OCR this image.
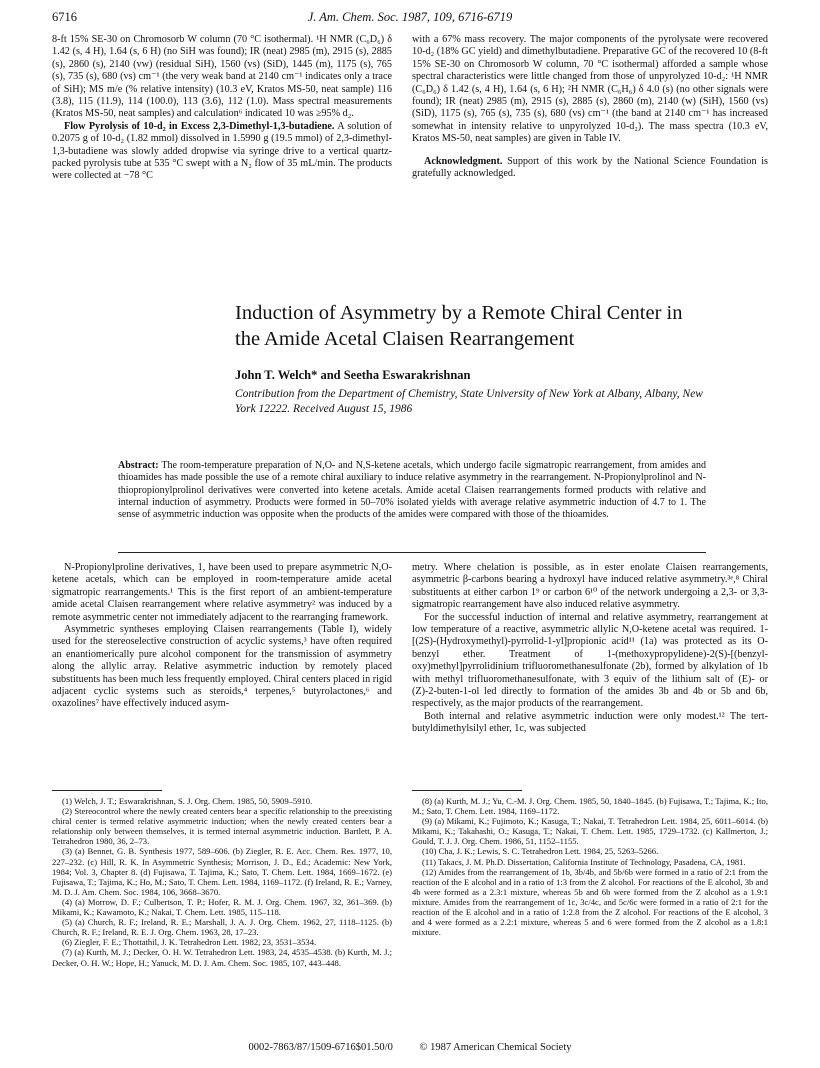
6716	J. Am. Chem. Soc. 1987, 109, 6716-6719

8-ft 15% SE-30 on Chromosorb W column (70 °C isothermal). ¹H NMR (C₆D₆) δ 1.42 (s, 4 H), 1.64 (s, 6 H) (no SiH was found); IR (neat) 2985 (m), 2915 (s), 2885 (s), 2860 (s), 2140 (vw) (residual SiH), 1560 (vs) (SiD), 1445 (m), 1175 (s), 765 (s), 735 (s), 680 (vs) cm⁻¹ (the very weak band at 2140 cm⁻¹ indicates only a trace of SiH); MS m/e (% relative intensity) (10.3 eV, Kratos MS-50, neat sample) 116 (3.8), 115 (11.9), 114 (100.0), 113 (3.6), 112 (1.0). Mass spectral measurements (Kratos MS-50, neat samples) and calculation⁶ indicated 10 was ≥95% d₂.

Flow Pyrolysis of 10-d₂ in Excess 2,3-Dimethyl-1,3-butadiene. A solution of 0.2075 g of 10-d₂ (1.82 mmol) dissolved in 1.5990 g (19.5 mmol) of 2,3-dimethyl-1,3-butadiene was slowly added dropwise via syringe drive to a vertical quartz-packed pyrolysis tube at 535 °C swept with a N₂ flow of 35 mL/min. The products were collected at −78 °C

with a 67% mass recovery. The major components of the pyrolysate were recovered 10-d₂ (18% GC yield) and dimethylbutadiene. Preparative GC of the recovered 10 (8-ft 15% SE-30 on Chromosorb W column, 70 °C isothermal) afforded a sample whose spectral characteristics were little changed from those of unpyrolyzed 10-d₂: ¹H NMR (C₆D₆) δ 1.42 (s, 4 H), 1.64 (s, 6 H); ²H NMR (C₆H₆) δ 4.0 (s) (no other signals were found); IR (neat) 2985 (m), 2915 (s), 2885 (s), 2860 (m), 2140 (w) (SiH), 1560 (vs) (SiD), 1175 (s), 765 (s), 735 (s), 680 (vs) cm⁻¹ (the band at 2140 cm⁻¹ has increased somewhat in intensity relative to unpyrolyzed 10-d₂). The mass spectra (10.3 eV, Kratos MS-50, neat samples) are given in Table IV.

Acknowledgment. Support of this work by the National Science Foundation is gratefully acknowledged.

Induction of Asymmetry by a Remote Chiral Center in the Amide Acetal Claisen Rearrangement
John T. Welch* and Seetha Eswarakrishnan
Contribution from the Department of Chemistry, State University of New York at Albany, Albany, New York 12222. Received August 15, 1986
Abstract: The room-temperature preparation of N,O- and N,S-ketene acetals, which undergo facile sigmatropic rearrangement, from amides and thioamides has made possible the use of a remote chiral auxiliary to induce relative asymmetry in the rearrangement. N-Propionylprolinol and N-thiopropionylprolinol derivatives were converted into ketene acetals. Amide acetal Claisen rearrangements formed products with relative and internal induction of asymmetry. Products were formed in 50–70% isolated yields with average relative asymmetric induction of 4.7 to 1. The sense of asymmetric induction was opposite when the products of the amides were compared with those of the thioamides.

N-Propionylproline derivatives, 1, have been used to prepare asymmetric N,O-ketene acetals, which can be employed in room-temperature amide acetal sigmatropic rearrangements.¹ This is the first report of an ambient-temperature amide acetal Claisen rearrangement where relative asymmetry² was induced by a remote asymmetric center not immediately adjacent to the rearranging framework.

Asymmetric syntheses employing Claisen rearrangements (Table I), widely used for the stereoselective construction of acyclic systems,³ have often required an enantiomerically pure alcohol component for the transmission of asymmetry along the allylic array. Relative asymmetric induction by remotely placed substituents has been much less frequently employed. Chiral centers placed in rigid adjacent cyclic systems such as steroids,⁴ terpenes,⁵ butyrolactones,⁶ and oxazolines⁷ have effectively induced asym-

metry. Where chelation is possible, as in ester enolate Claisen rearrangements, asymmetric β-carbons bearing a hydroxyl have induced relative asymmetry.³ᵉ,⁸ Chiral substituents at either carbon 1⁹ or carbon 6¹⁰ of the network undergoing a 2,3- or 3,3-sigmatropic rearrangement have also induced relative asymmetry.

For the successful induction of internal and relative asymmetry, rearrangement at low temperature of a reactive, asymmetric allylic N,O-ketene acetal was required. 1-[(2S)-(Hydroxymethyl)-pyrrolid-1-yl]propionic acid¹¹ (1a) was protected as its O-benzyl ether. Treatment of 1-(methoxypropylidene)-2(S)-[(benzyl-oxy)methyl]pyrrolidinium trifluoromethanesulfonate (2b), formed by alkylation of 1b with methyl trifluoromethanesulfonate, with 3 equiv of the lithium salt of (E)- or (Z)-2-buten-1-ol led directly to formation of the amides 3b and 4b or 5b and 6b, respectively, as the major products of the rearrangement.

Both internal and relative asymmetric induction were only modest.¹² The tert-butyldimethylsilyl ether, 1c, was subjected

(1) Welch, J. T.; Eswarakrishnan, S. J. Org. Chem. 1985, 50, 5909–5910.

(2) Stereocontrol where the newly created centers bear a specific relationship to the preexisting chiral center is termed relative asymmetric induction; when the newly created centers bear a relationship only between themselves, it is termed internal asymmetric induction. Bartlett, P. A. Tetrahedron 1980, 36, 2–73.

(3) (a) Bennet, G. B. Synthesis 1977, 589–606. (b) Ziegler, R. E. Acc. Chem. Res. 1977, 10, 227–232. (c) Hill, R. K. In Asymmetric Synthesis; Morrison, J. D., Ed.; Academic: New York, 1984; Vol. 3, Chapter 8. (d) Fujisawa, T. Tajima, K.; Sato, T. Chem. Lett. 1984, 1669–1672. (e) Fujisawa, T.; Tajima, K.; Ho, M.; Sato, T. Chem. Lett. 1984, 1169–1172. (f) Ireland, R. E.; Varney, M. D. J. Am. Chem. Soc. 1984, 106, 3668–3670.

(4) (a) Morrow, D. F.; Culbertson, T. P.; Hofer, R. M. J. Org. Chem. 1967, 32, 361–369. (b) Mikami, K.; Kawamoto, K.; Nakai, T. Chem. Lett. 1985, 115–118.

(5) (a) Church, R. F.; Ireland, R. E.; Marshall, J. A. J. Org. Chem. 1962, 27, 1118–1125. (b) Church, R. F.; Ireland, R. E. J. Org. Chem. 1963, 28, 17–23.

(6) Ziegler, F. E.; Thottathil, J. K. Tetrahedron Lett. 1982, 23, 3531–3534.

(7) (a) Kurth, M. J.; Decker, O. H. W. Tetrahedron Lett. 1983, 24, 4535–4538. (b) Kurth, M. J.; Decker, O. H. W.; Hope, H.; Yanuck, M. D. J. Am. Chem. Soc. 1985, 107, 443–448.

(8) (a) Kurth, M. J.; Yu, C.-M. J. Org. Chem. 1985, 50, 1840–1845. (b) Fujisawa, T.; Tajima, K.; Ito, M.; Sato, T. Chem. Lett. 1984, 1169–1172.

(9) (a) Mikami, K.; Fujimoto, K.; Kasuga, T.; Nakai, T. Tetrahedron Lett. 1984, 25, 6011–6014. (b) Mikami, K.; Takahashi, O.; Kasuga, T.; Nakai, T. Chem. Lett. 1985, 1729–1732. (c) Kallmerton, J.; Gould, T. J. J. Org. Chem. 1986, 51, 1152–1155.

(10) Cha, J. K.; Lewis, S. C. Tetrahedron Lett. 1984, 25, 5263–5266.

(11) Takacs, J. M. Ph.D. Dissertation, California Institute of Technology, Pasadena, CA, 1981.

(12) Amides from the rearrangement of 1b, 3b/4b, and 5b/6b were formed in a ratio of 2:1 from the reaction of the E alcohol and in a ratio of 1:3 from the Z alcohol. For reactions of the E alcohol, 3b and 4b were formed as a 2.3:1 mixture, whereas 5b and 6b were formed from the Z alcohol as a 1.9:1 mixture. Amides from the rearrangement of 1c, 3c/4c, and 5c/6c were formed in a ratio of 2:1 for the reaction of the E alcohol and in a ratio of 1:2.8 from the Z alcohol. For reactions of the E alcohol, 3 and 4 were formed as a 2.2:1 mixture, whereas 5 and 6 were formed from the Z alcohol as a 1.8:1 mixture.

0002-7863/87/1509-6716$01.50/0	© 1987 American Chemical Society
